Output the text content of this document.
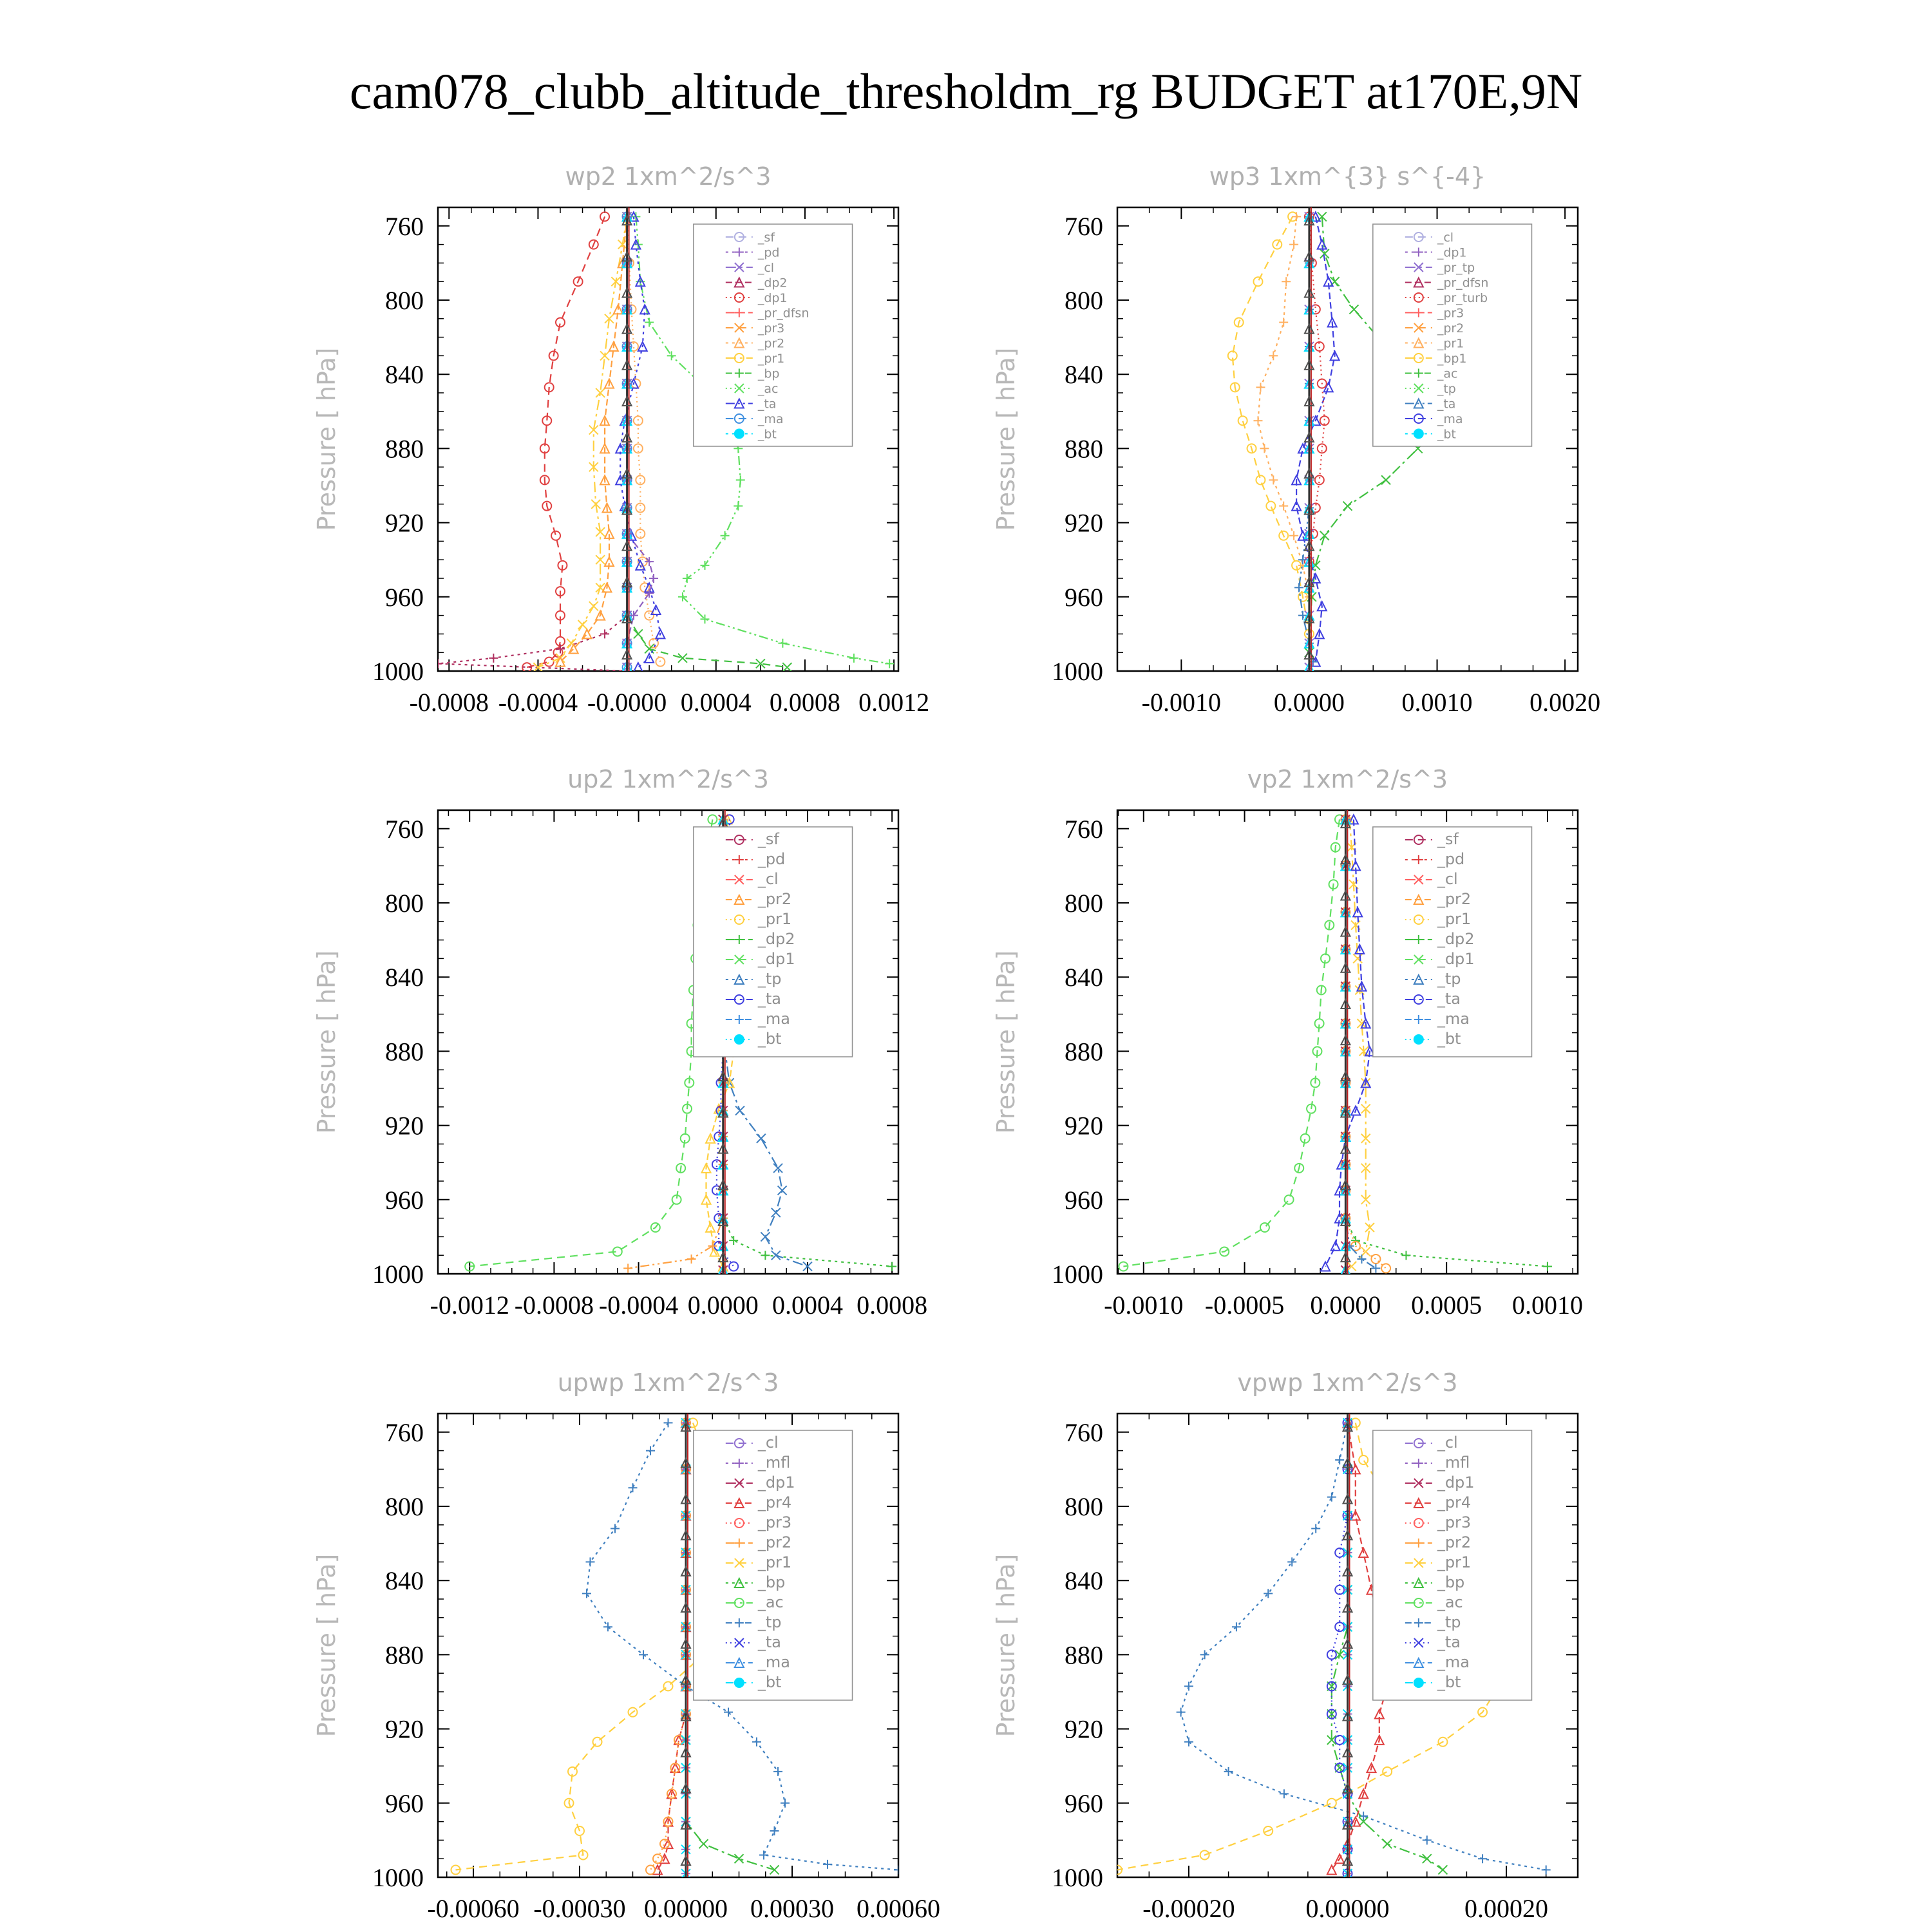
cam078_clubb_altitude_thresholdm_rg BUDGET at170E,9N
wp2 1xm^2/s^3
Pressure [ hPa]
760
800
840
880
920
960
1000
-0.0008 -0.0004 -0.0000 0.0004 0.0008 0.0012
_sf
_pd
_cl
_dp2
_dp1
_pr_dfsn
_pr3
_pr2
_pr1
_bp
_ac
_ta
_ma
_bt
wp3 1xm^{3} s^{-4}
Pressure [ hPa]
760
800
840
880
920
960
1000
-0.0010 0.0000 0.0010 0.0020
_cl
_dp1
_pr_tp
_pr_dfsn
_pr_turb
_pr3
_pr2
_pr1
_bp1
_ac
_tp
_ta
_ma
_bt
up2 1xm^2/s^3
Pressure [ hPa]
760
800
840
880
920
960
1000
-0.0012 -0.0008 -0.0004 0.0000 0.0004 0.0008
_sf
_pd
_cl
_pr2
_pr1
_dp2
_dp1
_tp
_ta
_ma
_bt
vp2 1xm^2/s^3
Pressure [ hPa]
760
800
840
880
920
960
1000
-0.0010 -0.0005 0.0000 0.0005 0.0010
_sf
_pd
_cl
_pr2
_pr1
_dp2
_dp1
_tp
_ta
_ma
_bt
upwp 1xm^2/s^3
Pressure [ hPa]
760
800
840
880
920
960
1000
-0.00060 -0.00030 0.00000 0.00030 0.00060
_cl
_mfl
_dp1
_pr4
_pr3
_pr2
_pr1
_bp
_ac
_tp
_ta
_ma
_bt
vpwp 1xm^2/s^3
Pressure [ hPa]
760
800
840
880
920
960
1000
-0.00020	0.00000	0.00020
_cl
_mfl
_dp1
_pr4
_pr3
_pr2
_pr1
_bp
_ac
_tp
_ta
_ma
_bt
